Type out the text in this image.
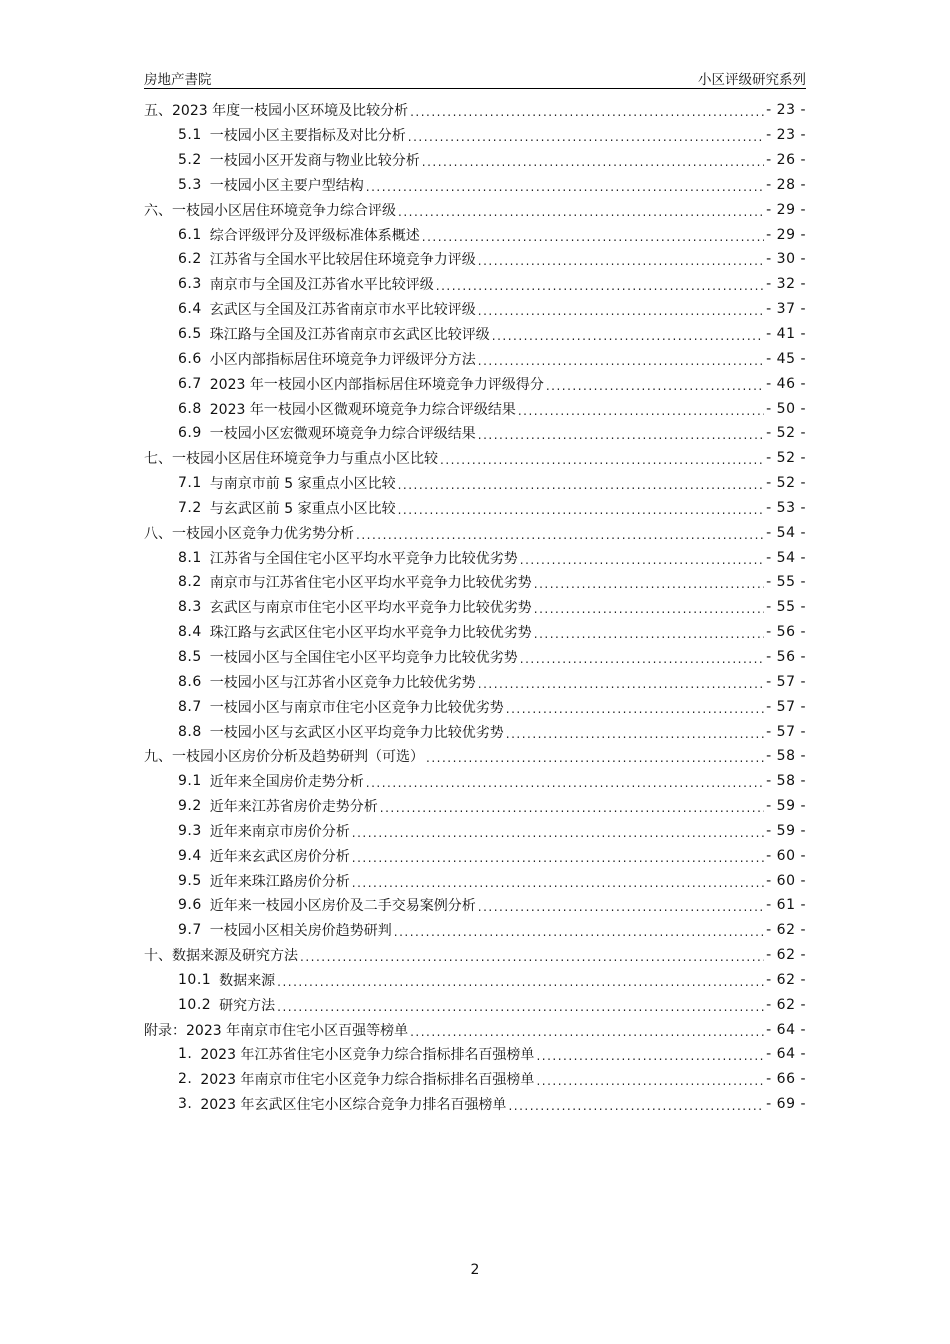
房地产書院	小区评级研究系列
五、2023 年度一枝园小区环境及比较分析 .....	- 23 -
5.1 一枝园小区主要指标及对比分析 .....	- 23 -
5.2 一枝园小区开发商与物业比较分析 .....	- 26 -
5.3 一枝园小区主要户型结构 .....	- 28 -
六、一枝园小区居住环境竞争力综合评级 .....	- 29 -
6.1 综合评级评分及评级标准体系概述 .....	- 29 -
6.2 江苏省与全国水平比较居住环境竞争力评级 .....	- 30 -
6.3 南京市与全国及江苏省水平比较评级 .....	- 32 -
6.4 玄武区与全国及江苏省南京市水平比较评级 .....	- 37 -
6.5 珠江路与全国及江苏省南京市玄武区比较评级 .....	- 41 -
6.6 小区内部指标居住环境竞争力评级评分方法 .....	- 45 -
6.7 2023 年一枝园小区内部指标居住环境竞争力评级得分 .....	- 46 -
6.8 2023 年一枝园小区微观环境竞争力综合评级结果 .....	- 50 -
6.9 一枝园小区宏微观环境竞争力综合评级结果 .....	- 52 -
七、一枝园小区居住环境竞争力与重点小区比较 .....	- 52 -
7.1 与南京市前 5 家重点小区比较 .....	- 52 -
7.2 与玄武区前 5 家重点小区比较 .....	- 53 -
八、一枝园小区竞争力优劣势分析 .....	- 54 -
8.1 江苏省与全国住宅小区平均水平竞争力比较优劣势 .....	- 54 -
8.2 南京市与江苏省住宅小区平均水平竞争力比较优劣势 .....	- 55 -
8.3 玄武区与南京市住宅小区平均水平竞争力比较优劣势 .....	- 55 -
8.4 珠江路与玄武区住宅小区平均水平竞争力比较优劣势 .....	- 56 -
8.5 一枝园小区与全国住宅小区平均竞争力比较优劣势 .....	- 56 -
8.6 一枝园小区与江苏省小区竞争力比较优劣势 .....	- 57 -
8.7 一枝园小区与南京市住宅小区竞争力比较优劣势 .....	- 57 -
8.8 一枝园小区与玄武区小区平均竞争力比较优劣势 .....	- 57 -
九、一枝园小区房价分析及趋势研判（可选） .....	- 58 -
9.1 近年来全国房价走势分析 .....	- 58 -
9.2 近年来江苏省房价走势分析 .....	- 59 -
9.3 近年来南京市房价分析 .....	- 59 -
9.4 近年来玄武区房价分析 .....	- 60 -
9.5 近年来珠江路房价分析 .....	- 60 -
9.6 近年来一枝园小区房价及二手交易案例分析 .....	- 61 -
9.7 一枝园小区相关房价趋势研判 .....	- 62 -
十、数据来源及研究方法 .....	- 62 -
10.1 数据来源 .....	- 62 -
10.2 研究方法 .....	- 62 -
附录：2023 年南京市住宅小区百强等榜单 .....	- 64 -
1. 2023 年江苏省住宅小区竞争力综合指标排名百强榜单 .....	- 64 -
2. 2023 年南京市住宅小区竞争力综合指标排名百强榜单 .....	- 66 -
3. 2023 年玄武区住宅小区综合竞争力排名百强榜单 .....	- 69 -
2
